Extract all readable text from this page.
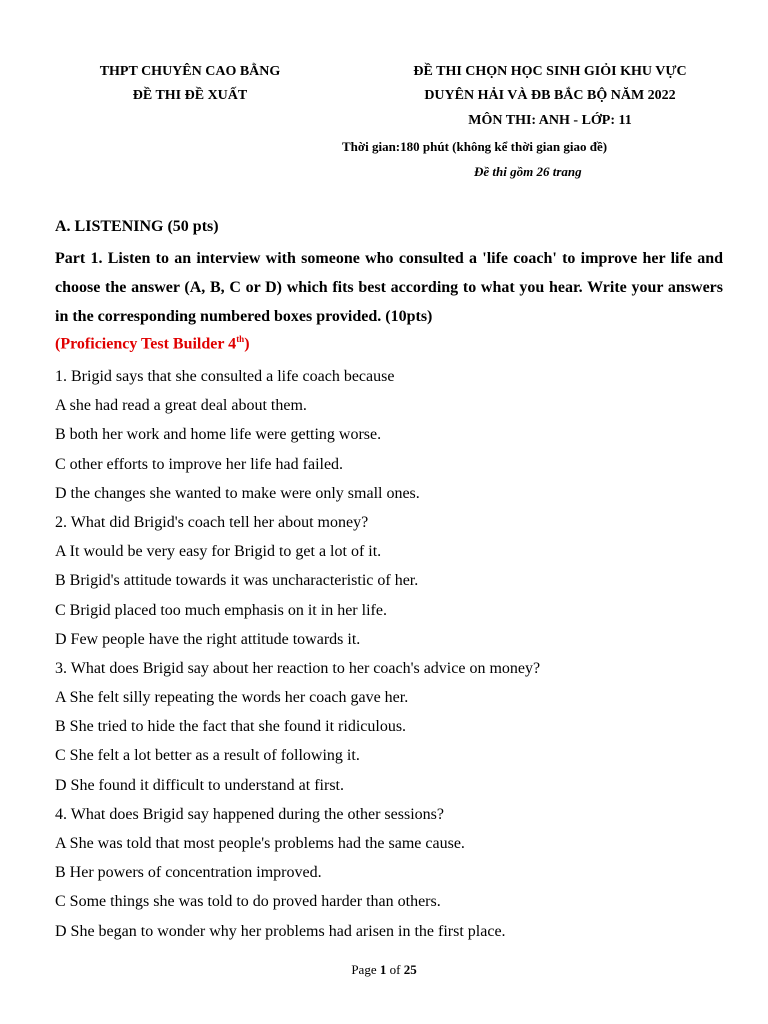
THPT CHUYÊN CAO BẰNG
ĐỀ THI ĐỀ XUẤT
ĐỀ THI CHỌN HỌC SINH GIỎI KHU VỰC
DUYÊN HẢI VÀ ĐB BẮC BỘ NĂM 2022
MÔN THI: ANH - LỚP: 11
Thời gian:180 phút (không kể thời gian giao đề)
Đề thi gồm 26 trang
A. LISTENING (50 pts)
Part 1. Listen to an interview with someone who consulted a 'life coach' to improve her life and choose the answer (A, B, C or D) which fits best according to what you hear. Write your answers in the corresponding numbered boxes provided. (10pts)
(Proficiency Test Builder 4th)
1. Brigid says that she consulted a life coach because
A she had read a great deal about them.
B both her work and home life were getting worse.
C other efforts to improve her life had failed.
D the changes she wanted to make were only small ones.
2. What did Brigid's coach tell her about money?
A It would be very easy for Brigid to get a lot of it.
B Brigid's attitude towards it was uncharacteristic of her.
C Brigid placed too much emphasis on it in her life.
D Few people have the right attitude towards it.
3. What does Brigid say about her reaction to her coach's advice on money?
A She felt silly repeating the words her coach gave her.
B She tried to hide the fact that she found it ridiculous.
C She felt a lot better as a result of following it.
D She found it difficult to understand at first.
4. What does Brigid say happened during the other sessions?
A She was told that most people's problems had the same cause.
B Her powers of concentration improved.
C Some things she was told to do proved harder than others.
D She began to wonder why her problems had arisen in the first place.
Page 1 of 25
